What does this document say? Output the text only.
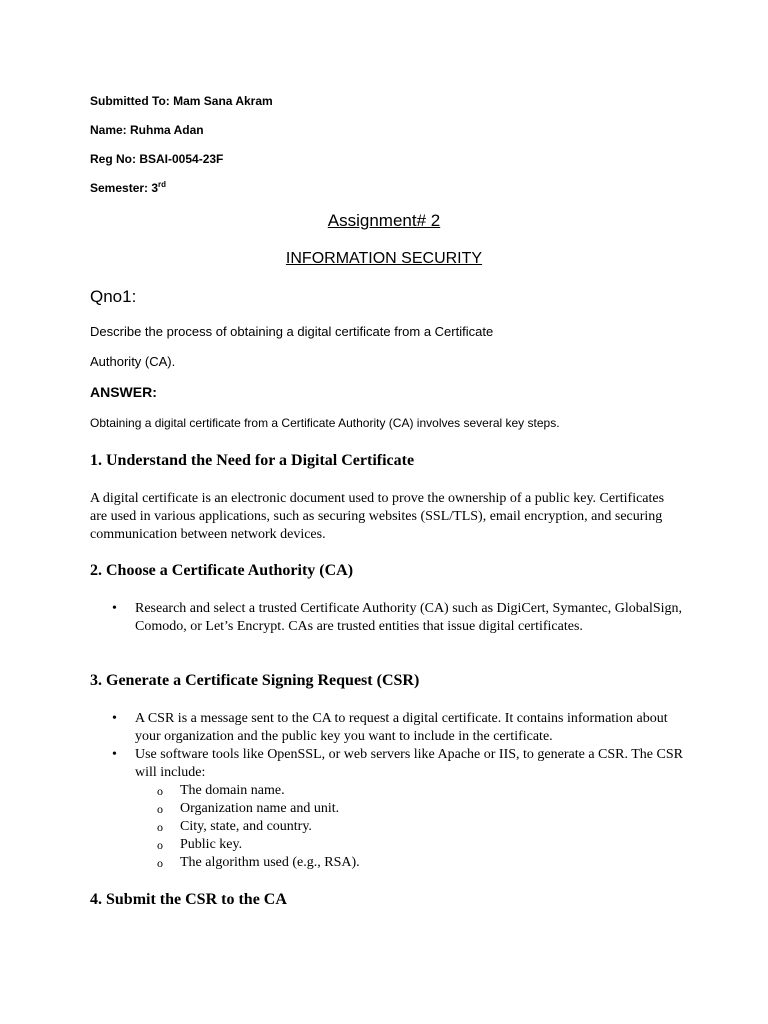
Submitted To: Mam Sana Akram
Name: Ruhma Adan
Reg No: BSAI-0054-23F
Semester: 3rd
Assignment# 2
INFORMATION SECURITY
Qno1:
Describe the process of obtaining a digital certificate from a Certificate
Authority (CA).
ANSWER:
Obtaining a digital certificate from a Certificate Authority (CA) involves several key steps.
1. Understand the Need for a Digital Certificate
A digital certificate is an electronic document used to prove the ownership of a public key. Certificates are used in various applications, such as securing websites (SSL/TLS), email encryption, and securing communication between network devices.
2. Choose a Certificate Authority (CA)
• Research and select a trusted Certificate Authority (CA) such as DigiCert, Symantec, GlobalSign, Comodo, or Let’s Encrypt. CAs are trusted entities that issue digital certificates.
3. Generate a Certificate Signing Request (CSR)
• A CSR is a message sent to the CA to request a digital certificate. It contains information about your organization and the public key you want to include in the certificate.
• Use software tools like OpenSSL, or web servers like Apache or IIS, to generate a CSR. The CSR will include:
o The domain name.
o Organization name and unit.
o City, state, and country.
o Public key.
o The algorithm used (e.g., RSA).
4. Submit the CSR to the CA
